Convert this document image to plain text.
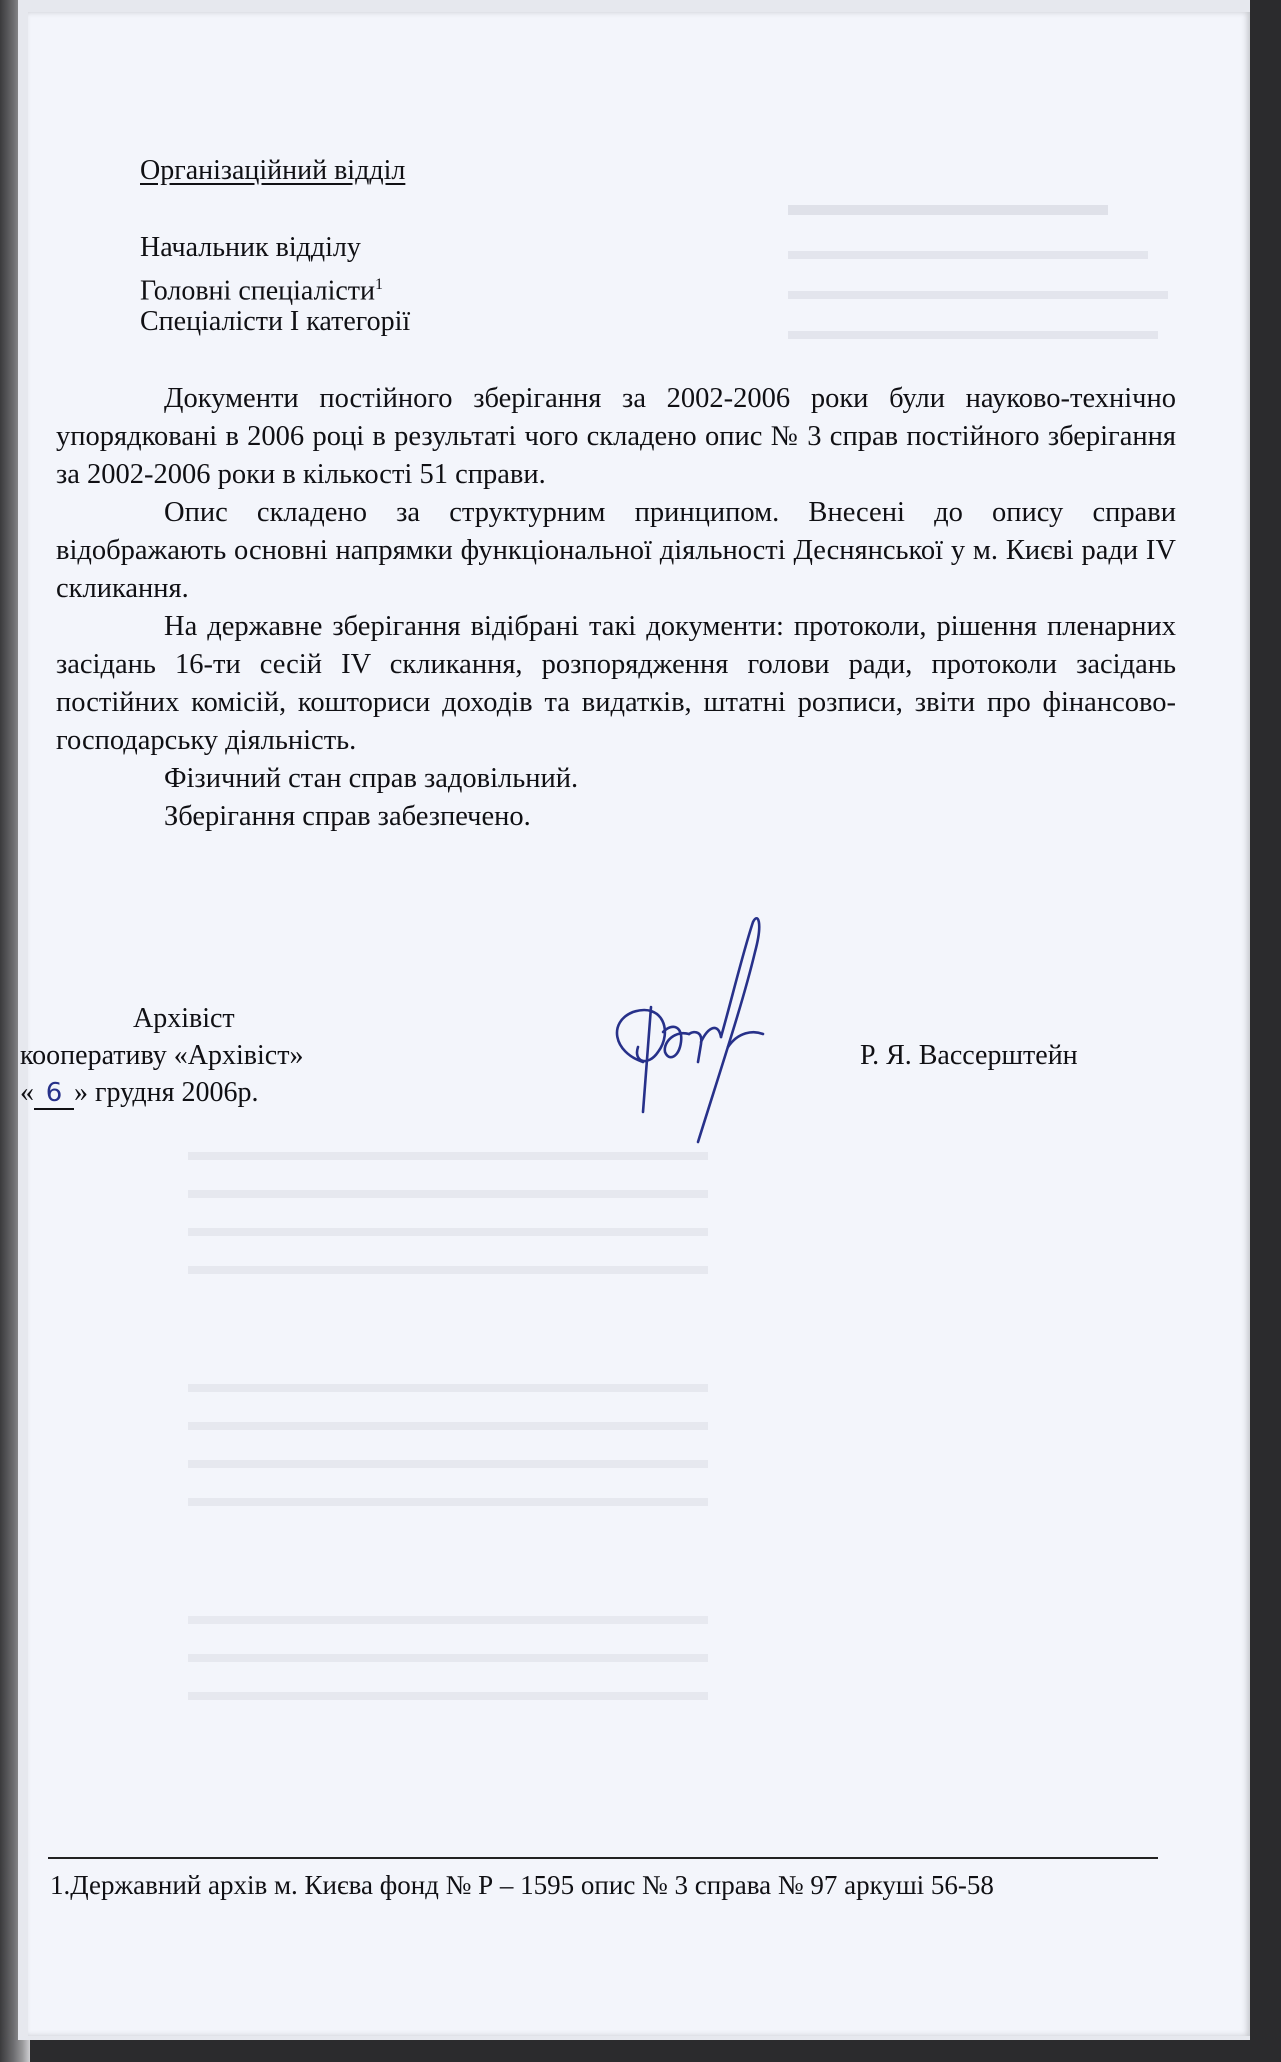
Організаційний відділ
Начальник відділу
Головні спеціалісти$^1$
Спеціалісти І категорії
Документи постійного зберігання за 2002-2006 роки були науково-технічно упорядковані в 2006 році в результаті чого складено опис № 3 справ постійного зберігання за 2002-2006 роки в кількості 51 справи.
Опис складено за структурним принципом. Внесені до опису справи відображають основні напрямки функціональної діяльності Деснянської у м. Києві ради IV скликання.
На державне зберігання відібрані такі документи: протоколи, рішення пленарних засідань 16-ти сесій IV скликання, розпорядження голови ради, протоколи засідань постійних комісій, кошториси доходів та видатків, штатні розписи, звіти про фінансово-господарську діяльність.
Фізичний стан справ задовільний.
Зберігання справ забезпечено.
Архівіст
кооперативу «Архівіст»
« 6 » грудня 2006р.
Р. Я. Вассерштейн
1.Державний архів м. Києва фонд № Р – 1595 опис № 3 справа № 97 аркуші 56-58
